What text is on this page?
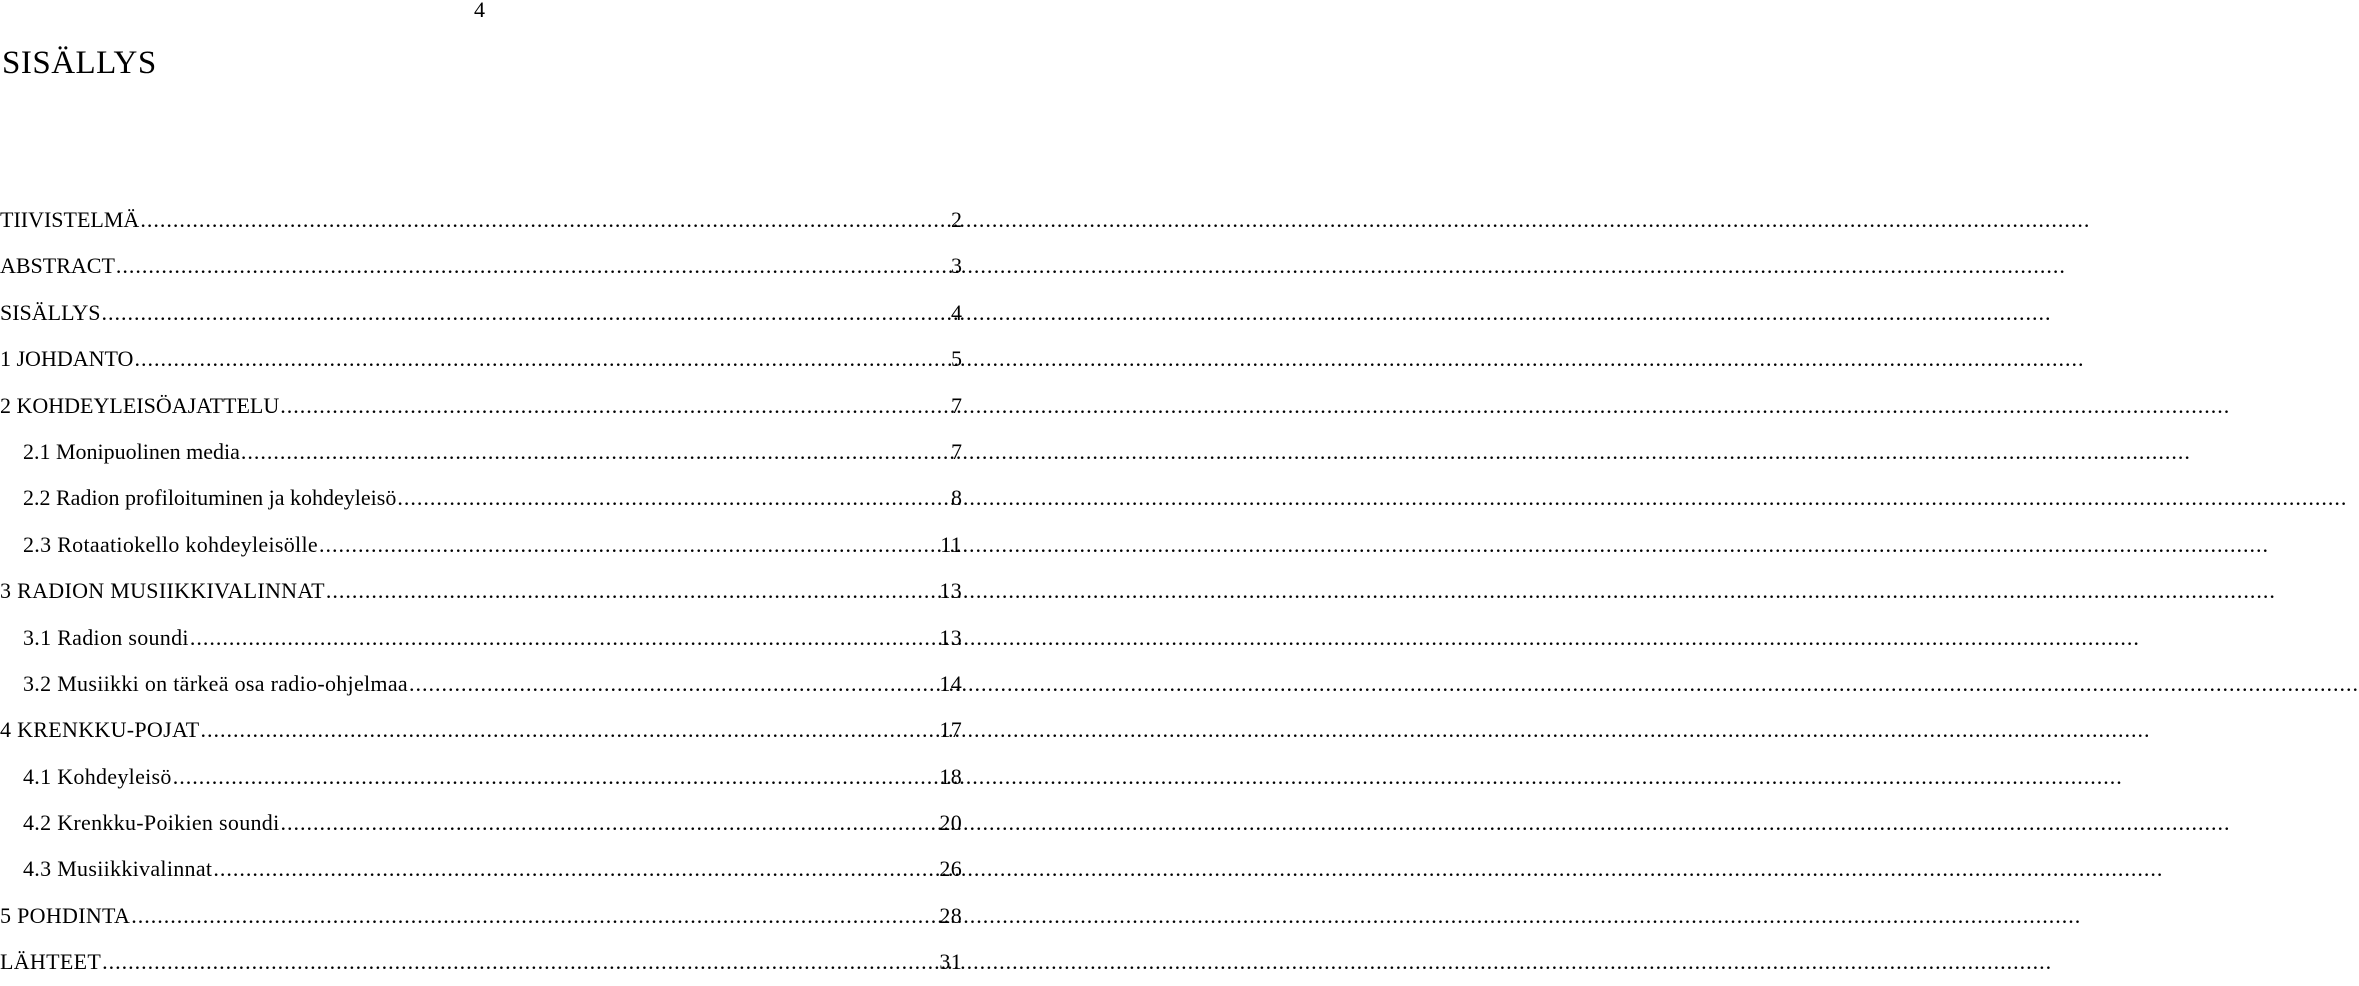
4
SISÄLLYS
TIIVISTELMÄ .....	2
ABSTRACT .....	3
SISÄLLYS .....	4
1 JOHDANTO .....	5
2 KOHDEYLEISÖAJATTELU .....	7
2.1 Monipuolinen media .....	7
2.2 Radion profiloituminen ja kohdeyleisö .....	8
2.3 Rotaatiokello kohdeyleisölle .....	11
3 RADION MUSIIKKIVALINNAT .....	13
3.1 Radion soundi .....	13
3.2 Musiikki on tärkeä osa radio-ohjelmaa .....	14
4 KRENKKU-POJAT .....	17
4.1 Kohdeyleisö .....	18
4.2 Krenkku-Poikien soundi .....	20
4.3 Musiikkivalinnat .....	26
5 POHDINTA .....	28
LÄHTEET .....	31
